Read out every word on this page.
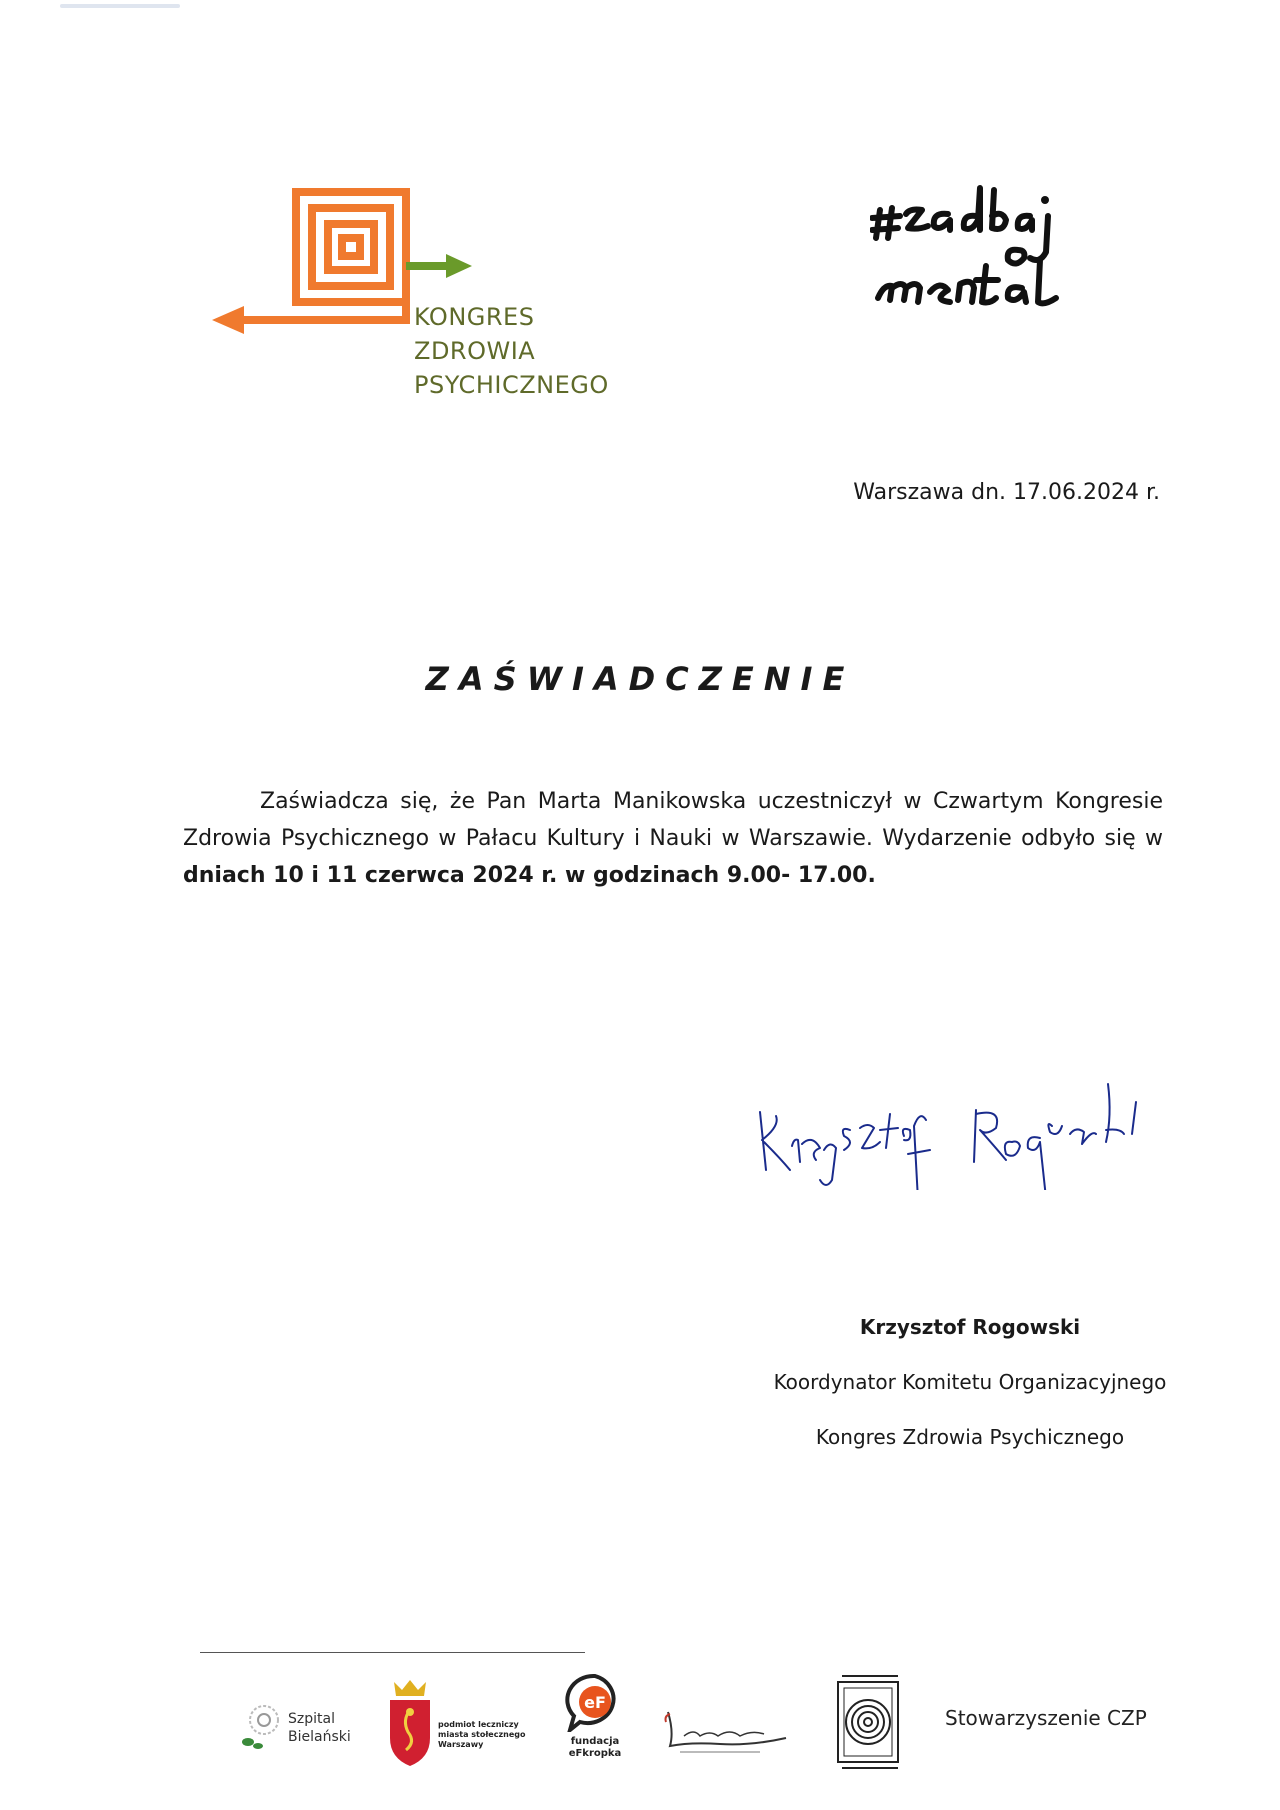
KONGRES
ZDROWIA
PSYCHICZNEGO
Warszawa dn. 17.06.2024 r.
ZAŚWIADCZENIE

Zaświadcza się, że Pan Marta Manikowska uczestniczył w Czwartym Kongresie Zdrowia Psychicznego w Pałacu Kultury i Nauki w Warszawie. Wydarzenie odbyło się w dniach 10 i 11 czerwca 2024 r. w godzinach 9.00- 17.00.

Krzysztof Rogowski
Koordynator Komitetu Organizacyjnego
Kongres Zdrowia Psychicznego
Szpital
Bielański
podmiot leczniczy
miasta stołecznego
Warszawy
eF
fundacja
eFkropka
Stowarzyszenie CZP
